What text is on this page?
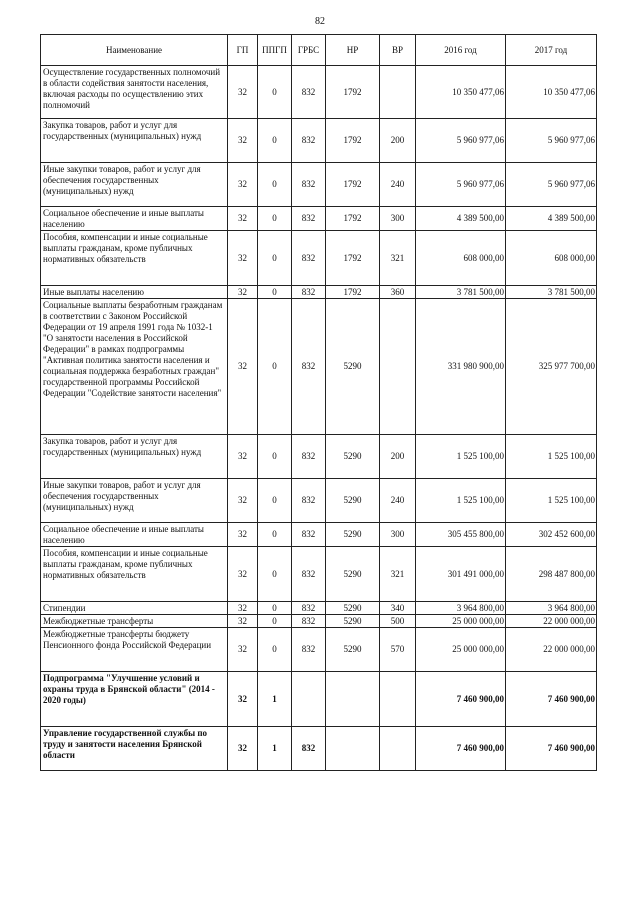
82
Наименование	ГП	ППГП	ГРБС	НР	ВР	2016 год	2017 год
Осуществление государственных полномочий в области содействия занятости населения, включая расходы по осуществлению этих полномочий	32	0	832	1792		10 350 477,06	10 350 477,06
Закупка товаров, работ и услуг для государственных (муниципальных) нужд	32	0	832	1792	200	5 960 977,06	5 960 977,06
Иные закупки товаров, работ и услуг для обеспечения государственных (муниципальных) нужд	32	0	832	1792	240	5 960 977,06	5 960 977,06
Социальное обеспечение и иные выплаты населению	32	0	832	1792	300	4 389 500,00	4 389 500,00
Пособия, компенсации и иные социальные выплаты гражданам, кроме публичных нормативных обязательств	32	0	832	1792	321	608 000,00	608 000,00
Иные выплаты населению	32	0	832	1792	360	3 781 500,00	3 781 500,00
Социальные выплаты безработным гражданам в соответствии с Законом Российской Федерации от 19 апреля 1991 года № 1032-1 "О занятости населения в Российской Федерации" в рамках подпрограммы "Активная политика занятости населения и социальная поддержка безработных граждан" государственной программы Российской Федерации "Содействие занятости населения"	32	0	832	5290		331 980 900,00	325 977 700,00
Закупка товаров, работ и услуг для государственных (муниципальных) нужд	32	0	832	5290	200	1 525 100,00	1 525 100,00
Иные закупки товаров, работ и услуг для обеспечения государственных (муниципальных) нужд	32	0	832	5290	240	1 525 100,00	1 525 100,00
Социальное обеспечение и иные выплаты населению	32	0	832	5290	300	305 455 800,00	302 452 600,00
Пособия, компенсации и иные социальные выплаты гражданам, кроме публичных нормативных обязательств	32	0	832	5290	321	301 491 000,00	298 487 800,00
Стипендии	32	0	832	5290	340	3 964 800,00	3 964 800,00
Межбюджетные трансферты	32	0	832	5290	500	25 000 000,00	22 000 000,00
Межбюджетные трансферты бюджету Пенсионного фонда Российской Федерации	32	0	832	5290	570	25 000 000,00	22 000 000,00
Подпрограмма "Улучшение условий и охраны труда в Брянской области" (2014 - 2020 годы)	32	1				7 460 900,00	7 460 900,00
Управление государственной службы по труду и занятости населения Брянской области	32	1	832			7 460 900,00	7 460 900,00
